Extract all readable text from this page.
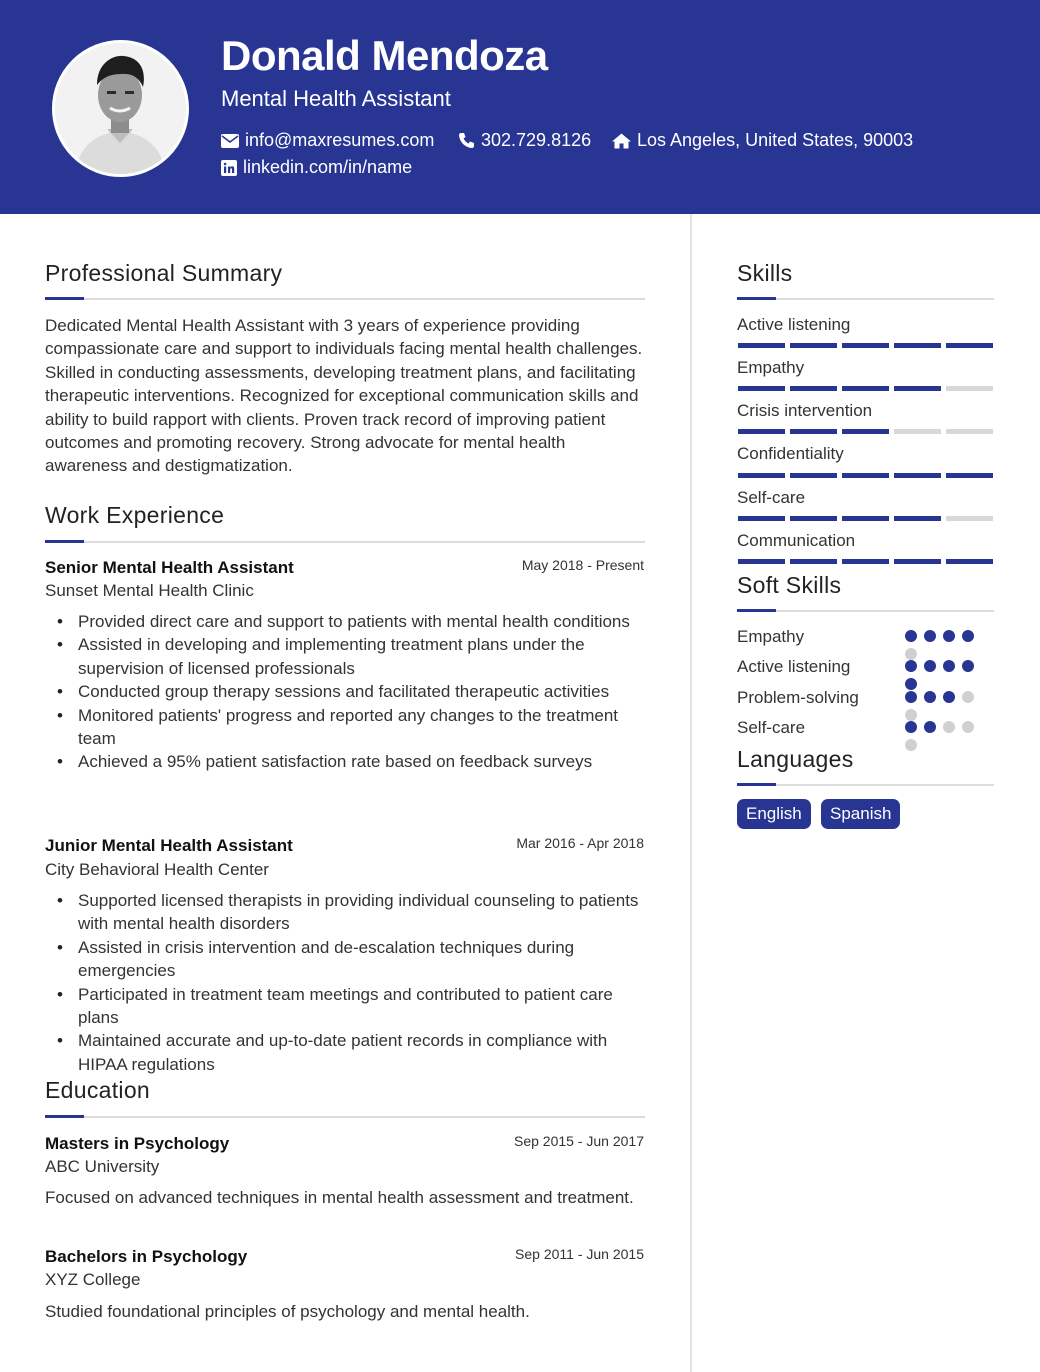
Donald Mendoza
Mental Health Assistant
info@maxresumes.com	302.729.8126	Los Angeles, United States, 90003
linkedin.com/in/name
Professional Summary
Dedicated Mental Health Assistant with 3 years of experience providing compassionate care and support to individuals facing mental health challenges. Skilled in conducting assessments, developing treatment plans, and facilitating therapeutic interventions. Recognized for exceptional communication skills and ability to build rapport with clients. Proven track record of improving patient outcomes and promoting recovery. Strong advocate for mental health awareness and destigmatization.
Work Experience
Senior Mental Health Assistant	May 2018 - Present
Sunset Mental Health Clinic
• Provided direct care and support to patients with mental health conditions
• Assisted in developing and implementing treatment plans under the supervision of licensed professionals
• Conducted group therapy sessions and facilitated therapeutic activities
• Monitored patients' progress and reported any changes to the treatment team
• Achieved a 95% patient satisfaction rate based on feedback surveys
Junior Mental Health Assistant	Mar 2016 - Apr 2018
City Behavioral Health Center
• Supported licensed therapists in providing individual counseling to patients with mental health disorders
• Assisted in crisis intervention and de-escalation techniques during emergencies
• Participated in treatment team meetings and contributed to patient care plans
• Maintained accurate and up-to-date patient records in compliance with HIPAA regulations
Education
Masters in Psychology	Sep 2015 - Jun 2017
ABC University
Focused on advanced techniques in mental health assessment and treatment.
Bachelors in Psychology	Sep 2011 - Jun 2015
XYZ College
Studied foundational principles of psychology and mental health.
Skills
Active listening
Empathy
Crisis intervention
Confidentiality
Self-care
Communication
Soft Skills
Empathy
Active listening
Problem-solving
Self-care
Languages
English	Spanish
